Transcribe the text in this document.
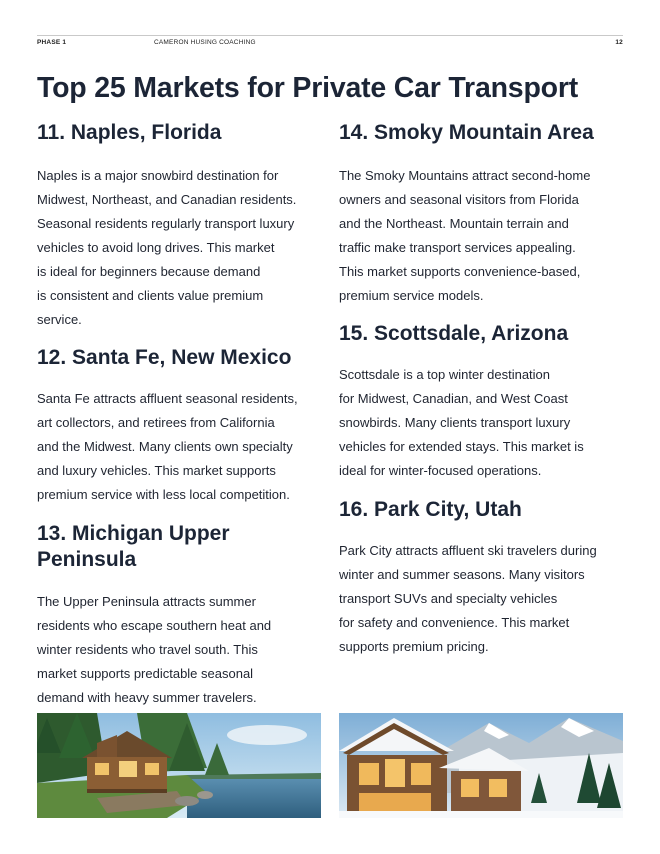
PHASE 1	CAMERON HUSING COACHING	12
Top 25 Markets for Private Car Transport
11. Naples, Florida

Naples is a major snowbird destination for
Midwest, Northeast, and Canadian residents.
Seasonal residents regularly transport luxury
vehicles to avoid long drives. This market
is ideal for beginners because demand
is consistent and clients value premium
service.

12. Santa Fe, New Mexico

Santa Fe attracts affluent seasonal residents,
art collectors, and retirees from California
and the Midwest. Many clients own specialty
and luxury vehicles. This market supports
premium service with less local competition.

13. Michigan Upper
Peninsula

The Upper Peninsula attracts summer
residents who escape southern heat and
winter residents who travel south. This
market supports predictable seasonal
demand with heavy summer travelers.

14. Smoky Mountain Area

The Smoky Mountains attract second-home
owners and seasonal visitors from Florida
and the Northeast. Mountain terrain and
traffic make transport services appealing.
This market supports convenience-based,
premium service models.

15. Scottsdale, Arizona

Scottsdale is a top winter destination
for Midwest, Canadian, and West Coast
snowbirds. Many clients transport luxury
vehicles for extended stays. This market is
ideal for winter-focused operations.

16. Park City, Utah

Park City attracts affluent ski travelers during
winter and summer seasons. Many visitors
transport SUVs and specialty vehicles
for safety and convenience. This market
supports premium pricing.
